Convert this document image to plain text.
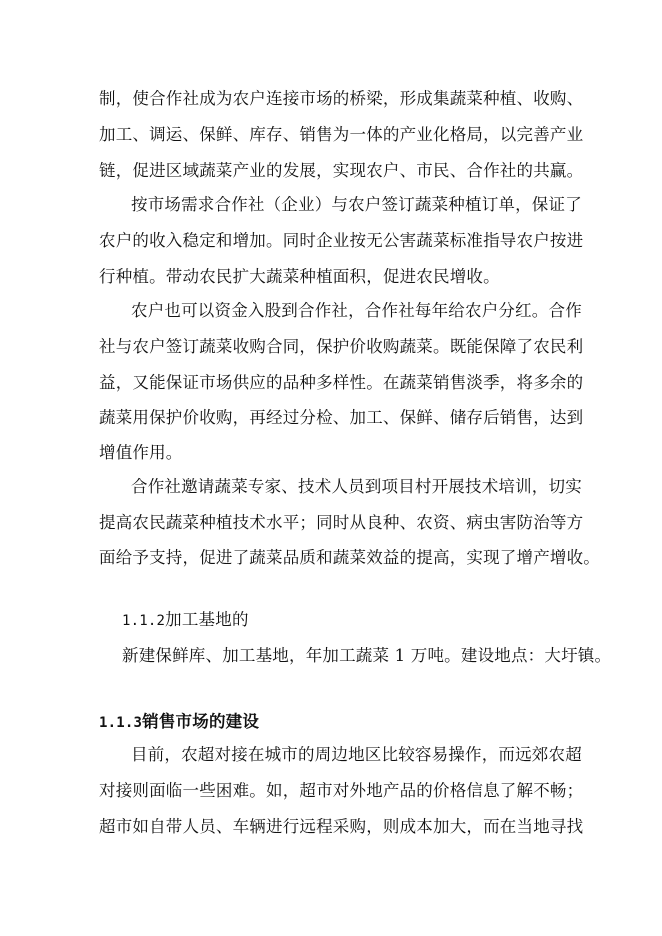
制，使合作社成为农户连接市场的桥梁，形成集蔬菜种植、收购、
加工、调运、保鲜、库存、销售为一体的产业化格局，以完善产业
链，促进区域蔬菜产业的发展，实现农户、市民、合作社的共赢。
按市场需求合作社（企业）与农户签订蔬菜种植订单，保证了
农户的收入稳定和增加。同时企业按无公害蔬菜标准指导农户按进
行种植。带动农民扩大蔬菜种植面积，促进农民增收。
农户也可以资金入股到合作社，合作社每年给农户分红。合作
社与农户签订蔬菜收购合同，保护价收购蔬菜。既能保障了农民利
益，又能保证市场供应的品种多样性。在蔬菜销售淡季，将多余的
蔬菜用保护价收购，再经过分检、加工、保鲜、储存后销售，达到
增值作用。
合作社邀请蔬菜专家、技术人员到项目村开展技术培训，切实
提高农民蔬菜种植技术水平；同时从良种、农资、病虫害防治等方
面给予支持，促进了蔬菜品质和蔬菜效益的提高，实现了增产增收。
1.1.2加工基地的
新建保鲜库、加工基地，年加工蔬菜 1 万吨。建设地点：大圩镇。
1.1.3销售市场的建设
目前，农超对接在城市的周边地区比较容易操作，而远郊农超
对接则面临一些困难。如，超市对外地产品的价格信息了解不畅；
超市如自带人员、车辆进行远程采购，则成本加大，而在当地寻找
